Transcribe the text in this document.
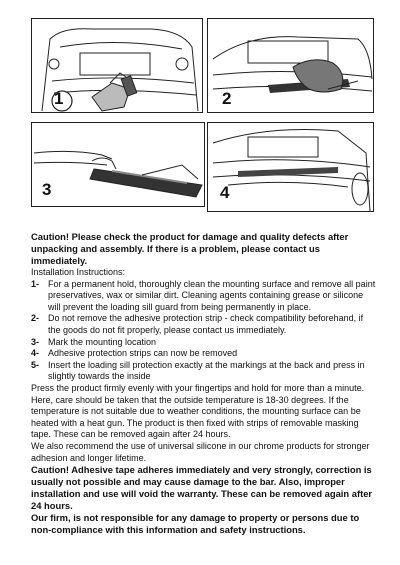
1	2
3	4

Caution! Please check the product for damage and quality defects after unpacking and assembly. If there is a problem, please contact us immediately.

Installation Instructions:

1- For a permanent hold, thoroughly clean the mounting surface and remove all paint preservatives, wax or similar dirt. Cleaning agents containing grease or silicone will prevent the loading sill guard from being permanently in place.
2- Do not remove the adhesive protection strip - check compatibility beforehand, if the goods do not fit properly, please contact us immediately.
3- Mark the mounting location
4- Adhesive protection strips can now be removed
5- Insert the loading sill protection exactly at the markings at the back and press in slightly towards the inside

Press the product firmly evenly with your fingertips and hold for more than a minute. Here, care should be taken that the outside temperature is 18-30 degrees. If the temperature is not suitable due to weather conditions, the mounting surface can be heated with a heat gun. The product is then fixed with strips of removable masking tape. These can be removed again after 24 hours.

We also recommend the use of universal silicone in our chrome products for stronger adhesion and longer lifetime.

Caution! Adhesive tape adheres immediately and very strongly, correction is usually not possible and may cause damage to the bar. Also, improper installation and use will void the warranty. These can be removed again after 24 hours.

Our firm, is not responsible for any damage to property or persons due to non-compliance with this information and safety instructions.
